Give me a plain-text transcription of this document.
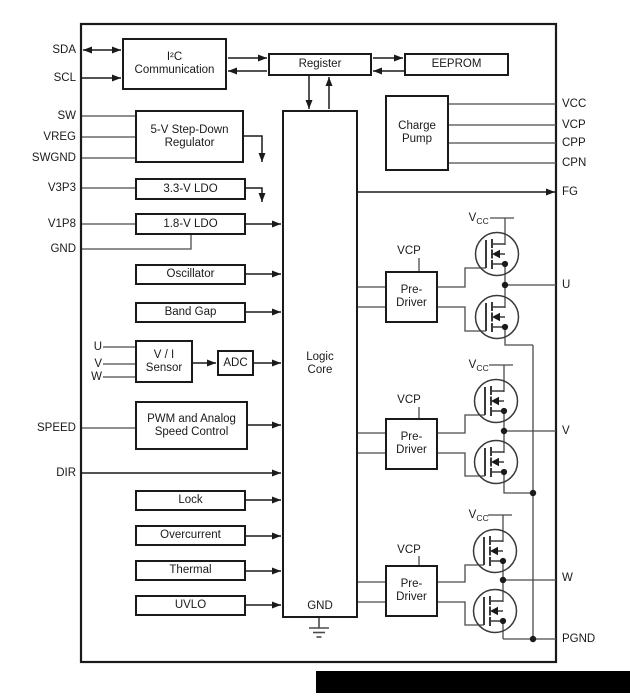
I²C
Communication	Register	EEPROM
Charge
Pump
5-V Step-Down
Regulator
3.3-V LDO
1.8-V LDO
Oscillator
Band Gap
V / I
Sensor	ADC
PWM and Analog
Speed Control
Lock
Overcurrent
Thermal
UVLO
Logic
Core
GND
Pre-
Driver
Pre-
Driver
Pre-
Driver
SDA
SCL
SW
VREG
SWGND
V3P3
V1P8
GND
SPEED
DIR
U
V
W
VCC
VCP
CPP
CPN
FG
U
V
W
PGND
VCP
VCP
VCP
$V_{CC}$
$V_{CC}$
$V_{CC}$
